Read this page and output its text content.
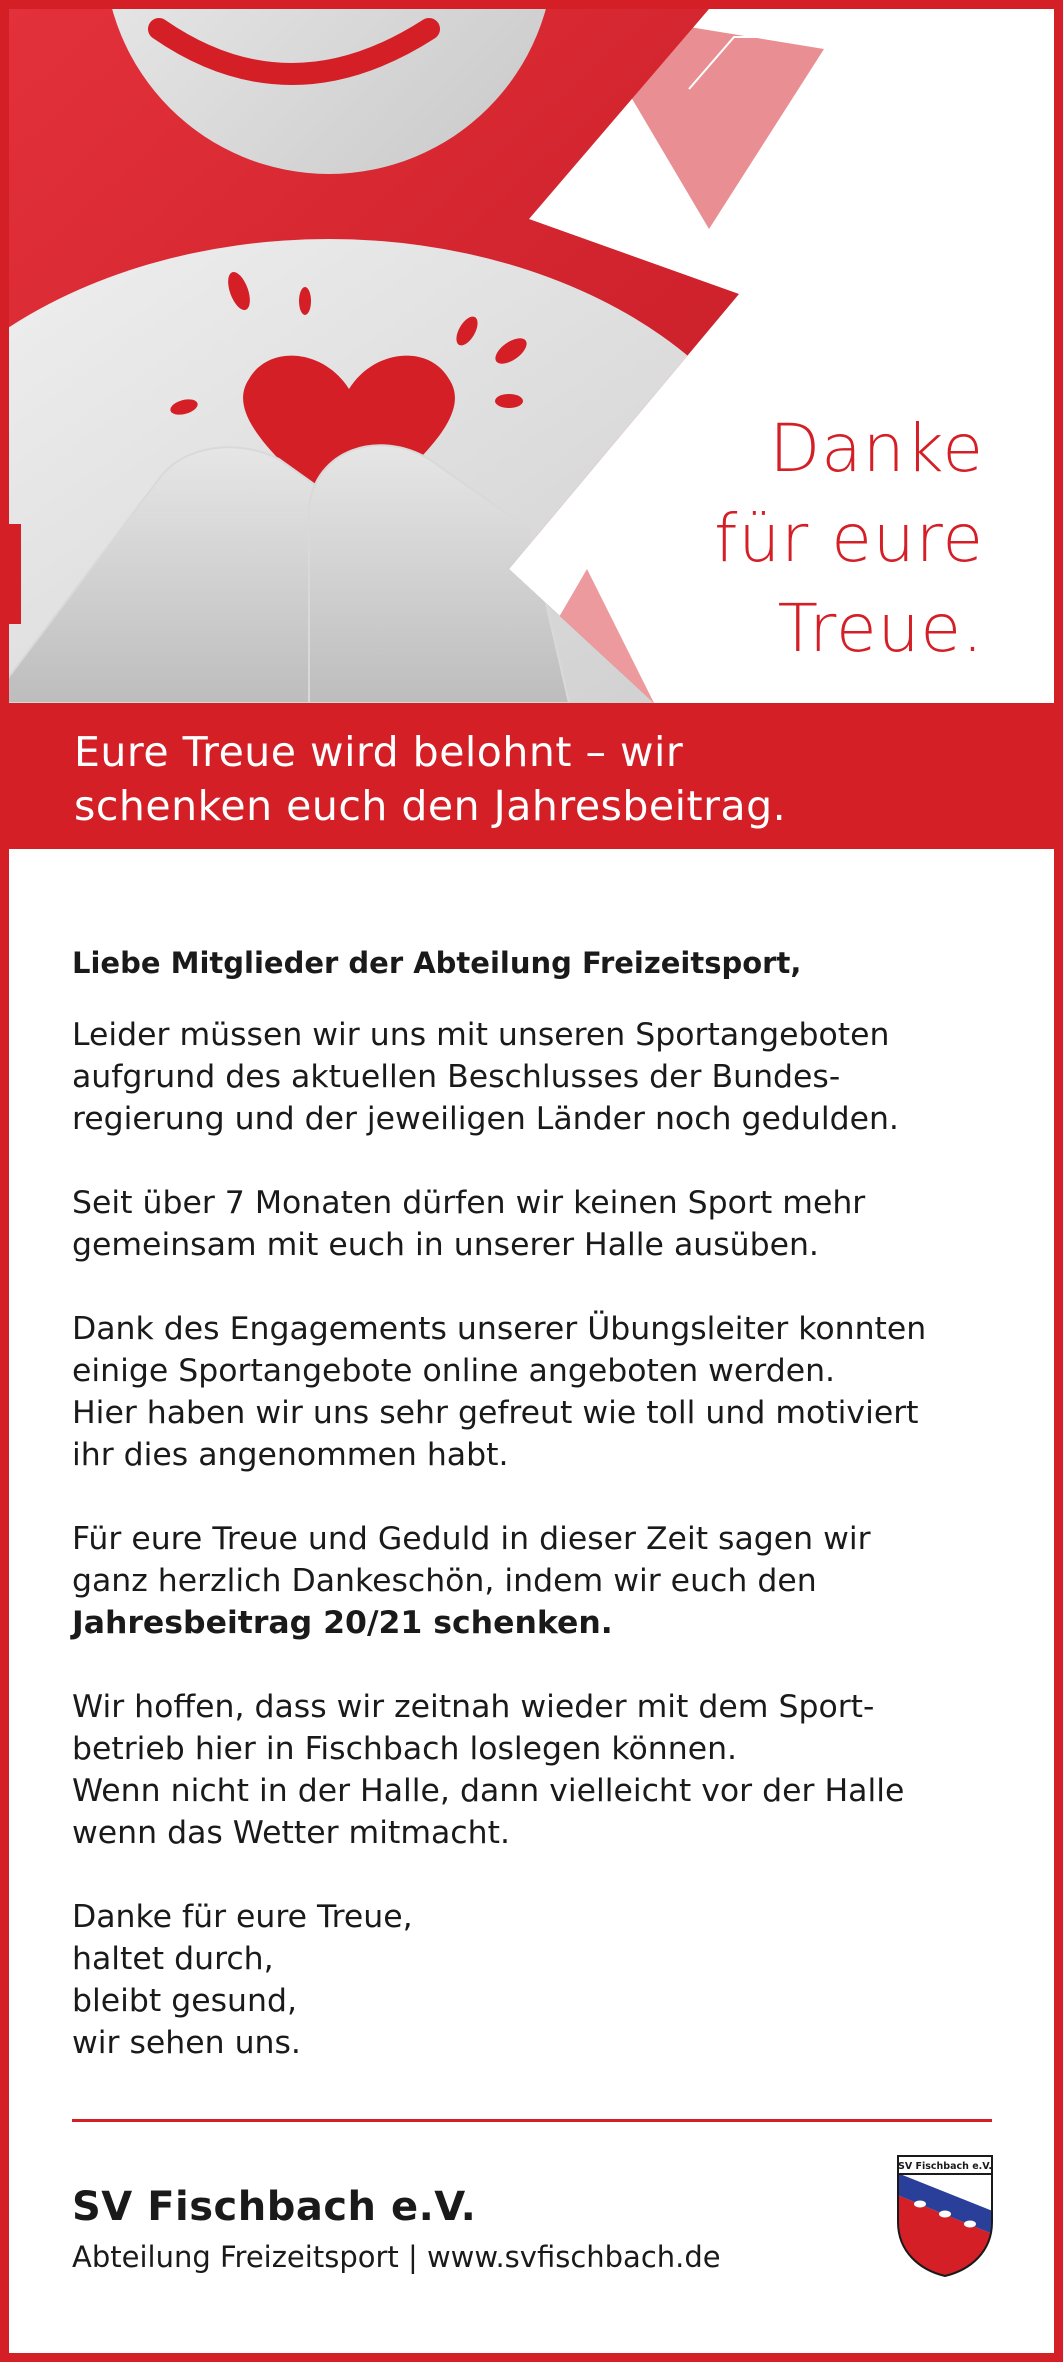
Danke
für eure
Treue.
Eure Treue wird belohnt – wir
schenken euch den Jahresbeitrag.
Liebe Mitglieder der Abteilung Freizeitsport,
Leider müssen wir uns mit unseren Sportangeboten
aufgrund des aktuellen Beschlusses der Bundes-
regierung und der jeweiligen Länder noch gedulden.
Seit über 7 Monaten dürfen wir keinen Sport mehr
gemeinsam mit euch in unserer Halle ausüben.
Dank des Engagements unserer Übungsleiter konnten
einige Sportangebote online angeboten werden.
Hier haben wir uns sehr gefreut wie toll und motiviert
ihr dies angenommen habt.
Für eure Treue und Geduld in dieser Zeit sagen wir
ganz herzlich Dankeschön, indem wir euch den
Jahresbeitrag 20/21 schenken.
Wir hoffen, dass wir zeitnah wieder mit dem Sport-
betrieb hier in Fischbach loslegen können.
Wenn nicht in der Halle, dann vielleicht vor der Halle
wenn das Wetter mitmacht.
Danke für eure Treue,
haltet durch,
bleibt gesund,
wir sehen uns.
SV Fischbach e.V.
Abteilung Freizeitsport | www.svfischbach.de
SV Fischbach e.V.
